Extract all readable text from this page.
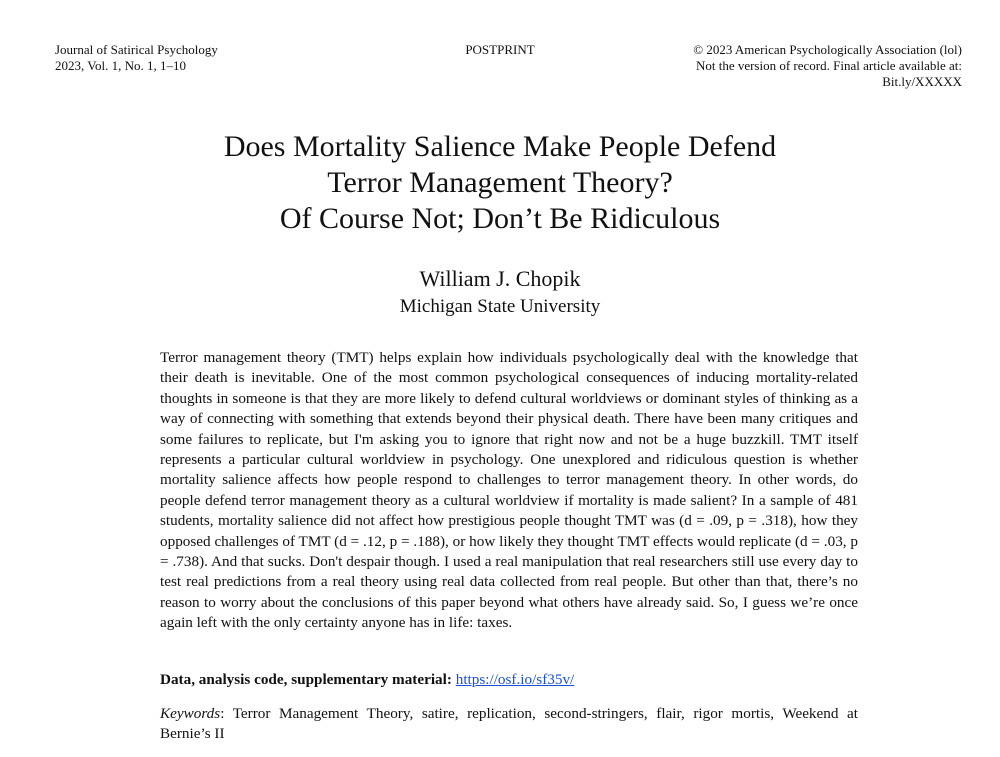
Journal of Satirical Psychology
2023, Vol. 1, No. 1, 1–10
POSTPRINT	© 2023 American Psychologically Association (lol)
Not the version of record. Final article available at:
Bit.ly/XXXXX
Does Mortality Salience Make People Defend
Terror Management Theory?
Of Course Not; Don’t Be Ridiculous
William J. Chopik
Michigan State University

Terror management theory (TMT) helps explain how individuals psychologically deal with the knowledge that their death is inevitable. One of the most common psychological consequences of inducing mortality-related thoughts in someone is that they are more likely to defend cultural worldviews or dominant styles of thinking as a way of connecting with something that extends beyond their physical death. There have been many critiques and some failures to replicate, but I'm asking you to ignore that right now and not be a huge buzzkill. TMT itself represents a particular cultural worldview in psychology. One unexplored and ridiculous question is whether mortality salience affects how people respond to challenges to terror management theory. In other words, do people defend terror management theory as a cultural worldview if mortality is made salient? In a sample of 481 students, mortality salience did not affect how prestigious people thought TMT was (d = .09, p = .318), how they opposed challenges of TMT (d = .12, p = .188), or how likely they thought TMT effects would replicate (d = .03, p = .738). And that sucks. Don't despair though. I used a real manipulation that real researchers still use every day to test real predictions from a real theory using real data collected from real people. But other than that, there’s no reason to worry about the conclusions of this paper beyond what others have already said. So, I guess we’re once again left with the only certainty anyone has in life: taxes.

Data, analysis code, supplementary material: https://osf.io/sf35v/

Keywords: Terror Management Theory, satire, replication, second-stringers, flair, rigor mortis, Weekend at Bernie’s II
